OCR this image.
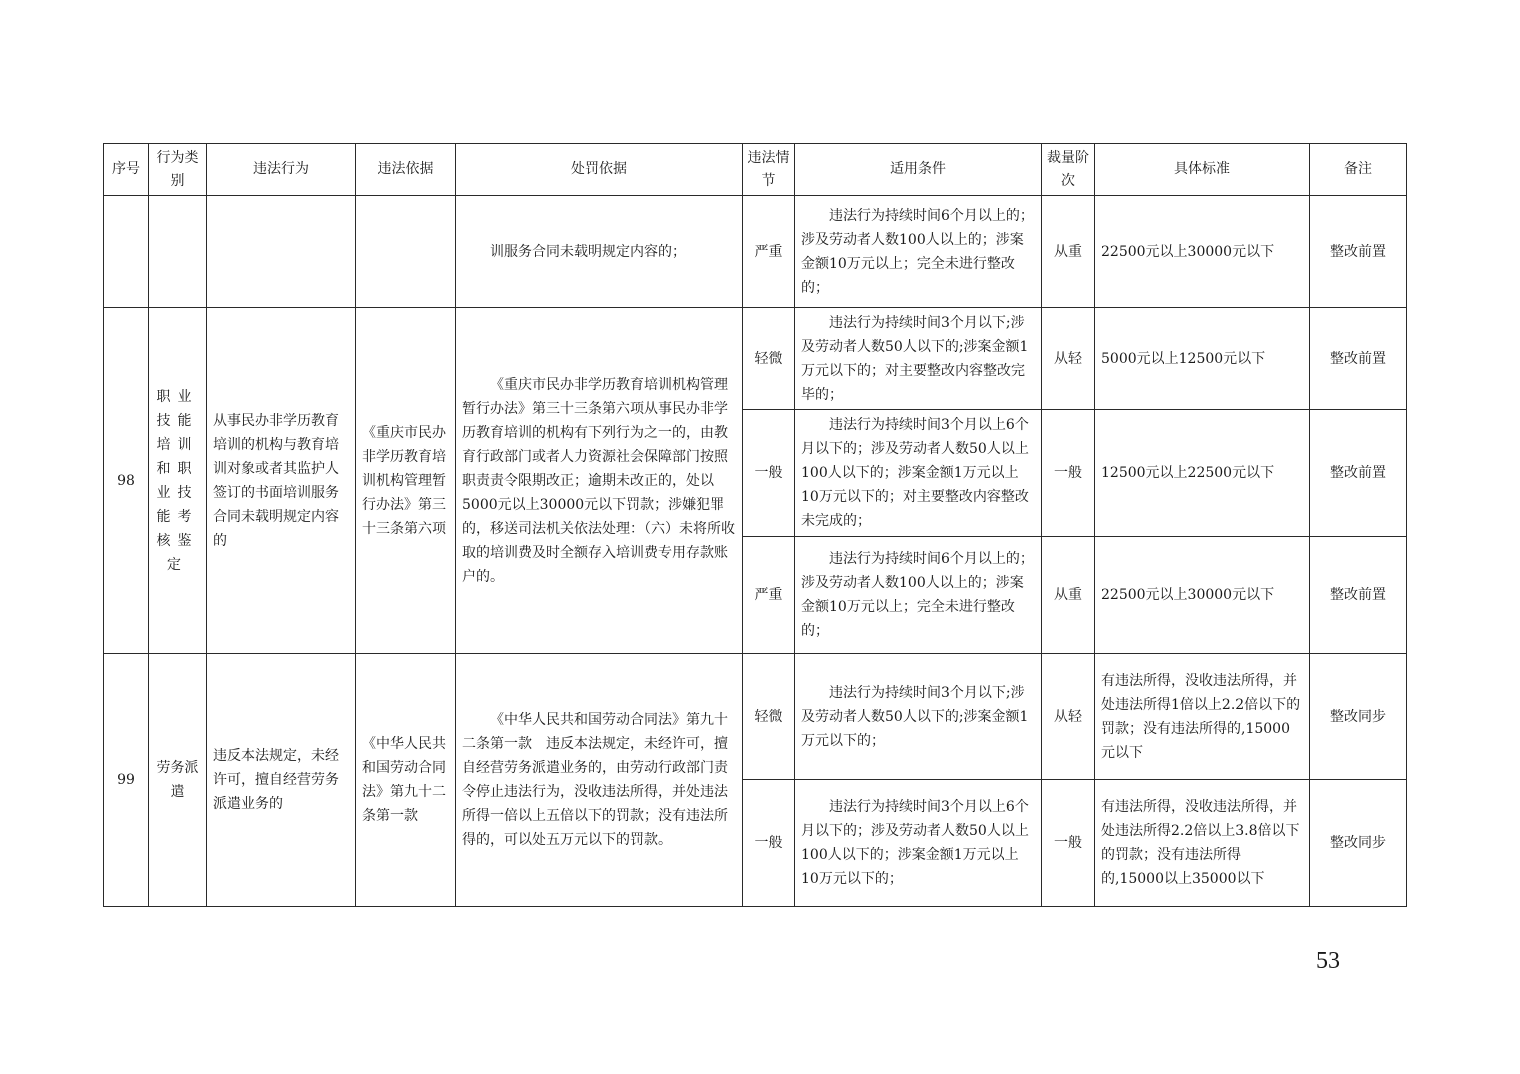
序号	行为类别	违法行为	违法依据	处罚依据	违法情节	适用条件	裁量阶次	具体标准	备注
				训服务合同未载明规定内容的；	严重	违法行为持续时间6个月以上的；涉及劳动者人数100人以上的；涉案金额10万元以上；完全未进行整改的；	从重	22500元以上30000元以下	整改前置
98	职业技能培训和职业技能考核鉴定	从事民办非学历教育培训的机构与教育培训对象或者其监护人签订的书面培训服务合同未载明规定内容的	《重庆市民办非学历教育培训机构管理暂行办法》第三十三条第六项	《重庆市民办非学历教育培训机构管理暂行办法》第三十三条第六项从事民办非学历教育培训的机构有下列行为之一的，由教育行政部门或者人力资源社会保障部门按照职责责令限期改正；逾期未改正的，处以5000元以上30000元以下罚款；涉嫌犯罪的，移送司法机关依法处理：（六）未将所收取的培训费及时全额存入培训费专用存款账户的。	轻微	违法行为持续时间3个月以下;涉及劳动者人数50人以下的;涉案金额1万元以下的；对主要整改内容整改完毕的；	从轻	5000元以上12500元以下	整改前置
					一般	违法行为持续时间3个月以上6个月以下的；涉及劳动者人数50人以上100人以下的；涉案金额1万元以上10万元以下的；对主要整改内容整改未完成的；	一般	12500元以上22500元以下	整改前置
					严重	违法行为持续时间6个月以上的；涉及劳动者人数100人以上的；涉案金额10万元以上；完全未进行整改的；	从重	22500元以上30000元以下	整改前置
99	劳务派遣	违反本法规定，未经许可，擅自经营劳务派遣业务的	《中华人民共和国劳动合同法》第九十二条第一款	《中华人民共和国劳动合同法》第九十二条第一款　违反本法规定，未经许可，擅自经营劳务派遣业务的，由劳动行政部门责令停止违法行为，没收违法所得，并处违法所得一倍以上五倍以下的罚款；没有违法所得的，可以处五万元以下的罚款。	轻微	违法行为持续时间3个月以下;涉及劳动者人数50人以下的;涉案金额1万元以下的；	从轻	有违法所得，没收违法所得，并处违法所得1倍以上2.2倍以下的罚款；没有违法所得的,15000元以下	整改同步
					一般	违法行为持续时间3个月以上6个月以下的；涉及劳动者人数50人以上100人以下的；涉案金额1万元以上10万元以下的；	一般	有违法所得，没收违法所得，并处违法所得2.2倍以上3.8倍以下的罚款；没有违法所得的,15000以上35000以下	整改同步
53
